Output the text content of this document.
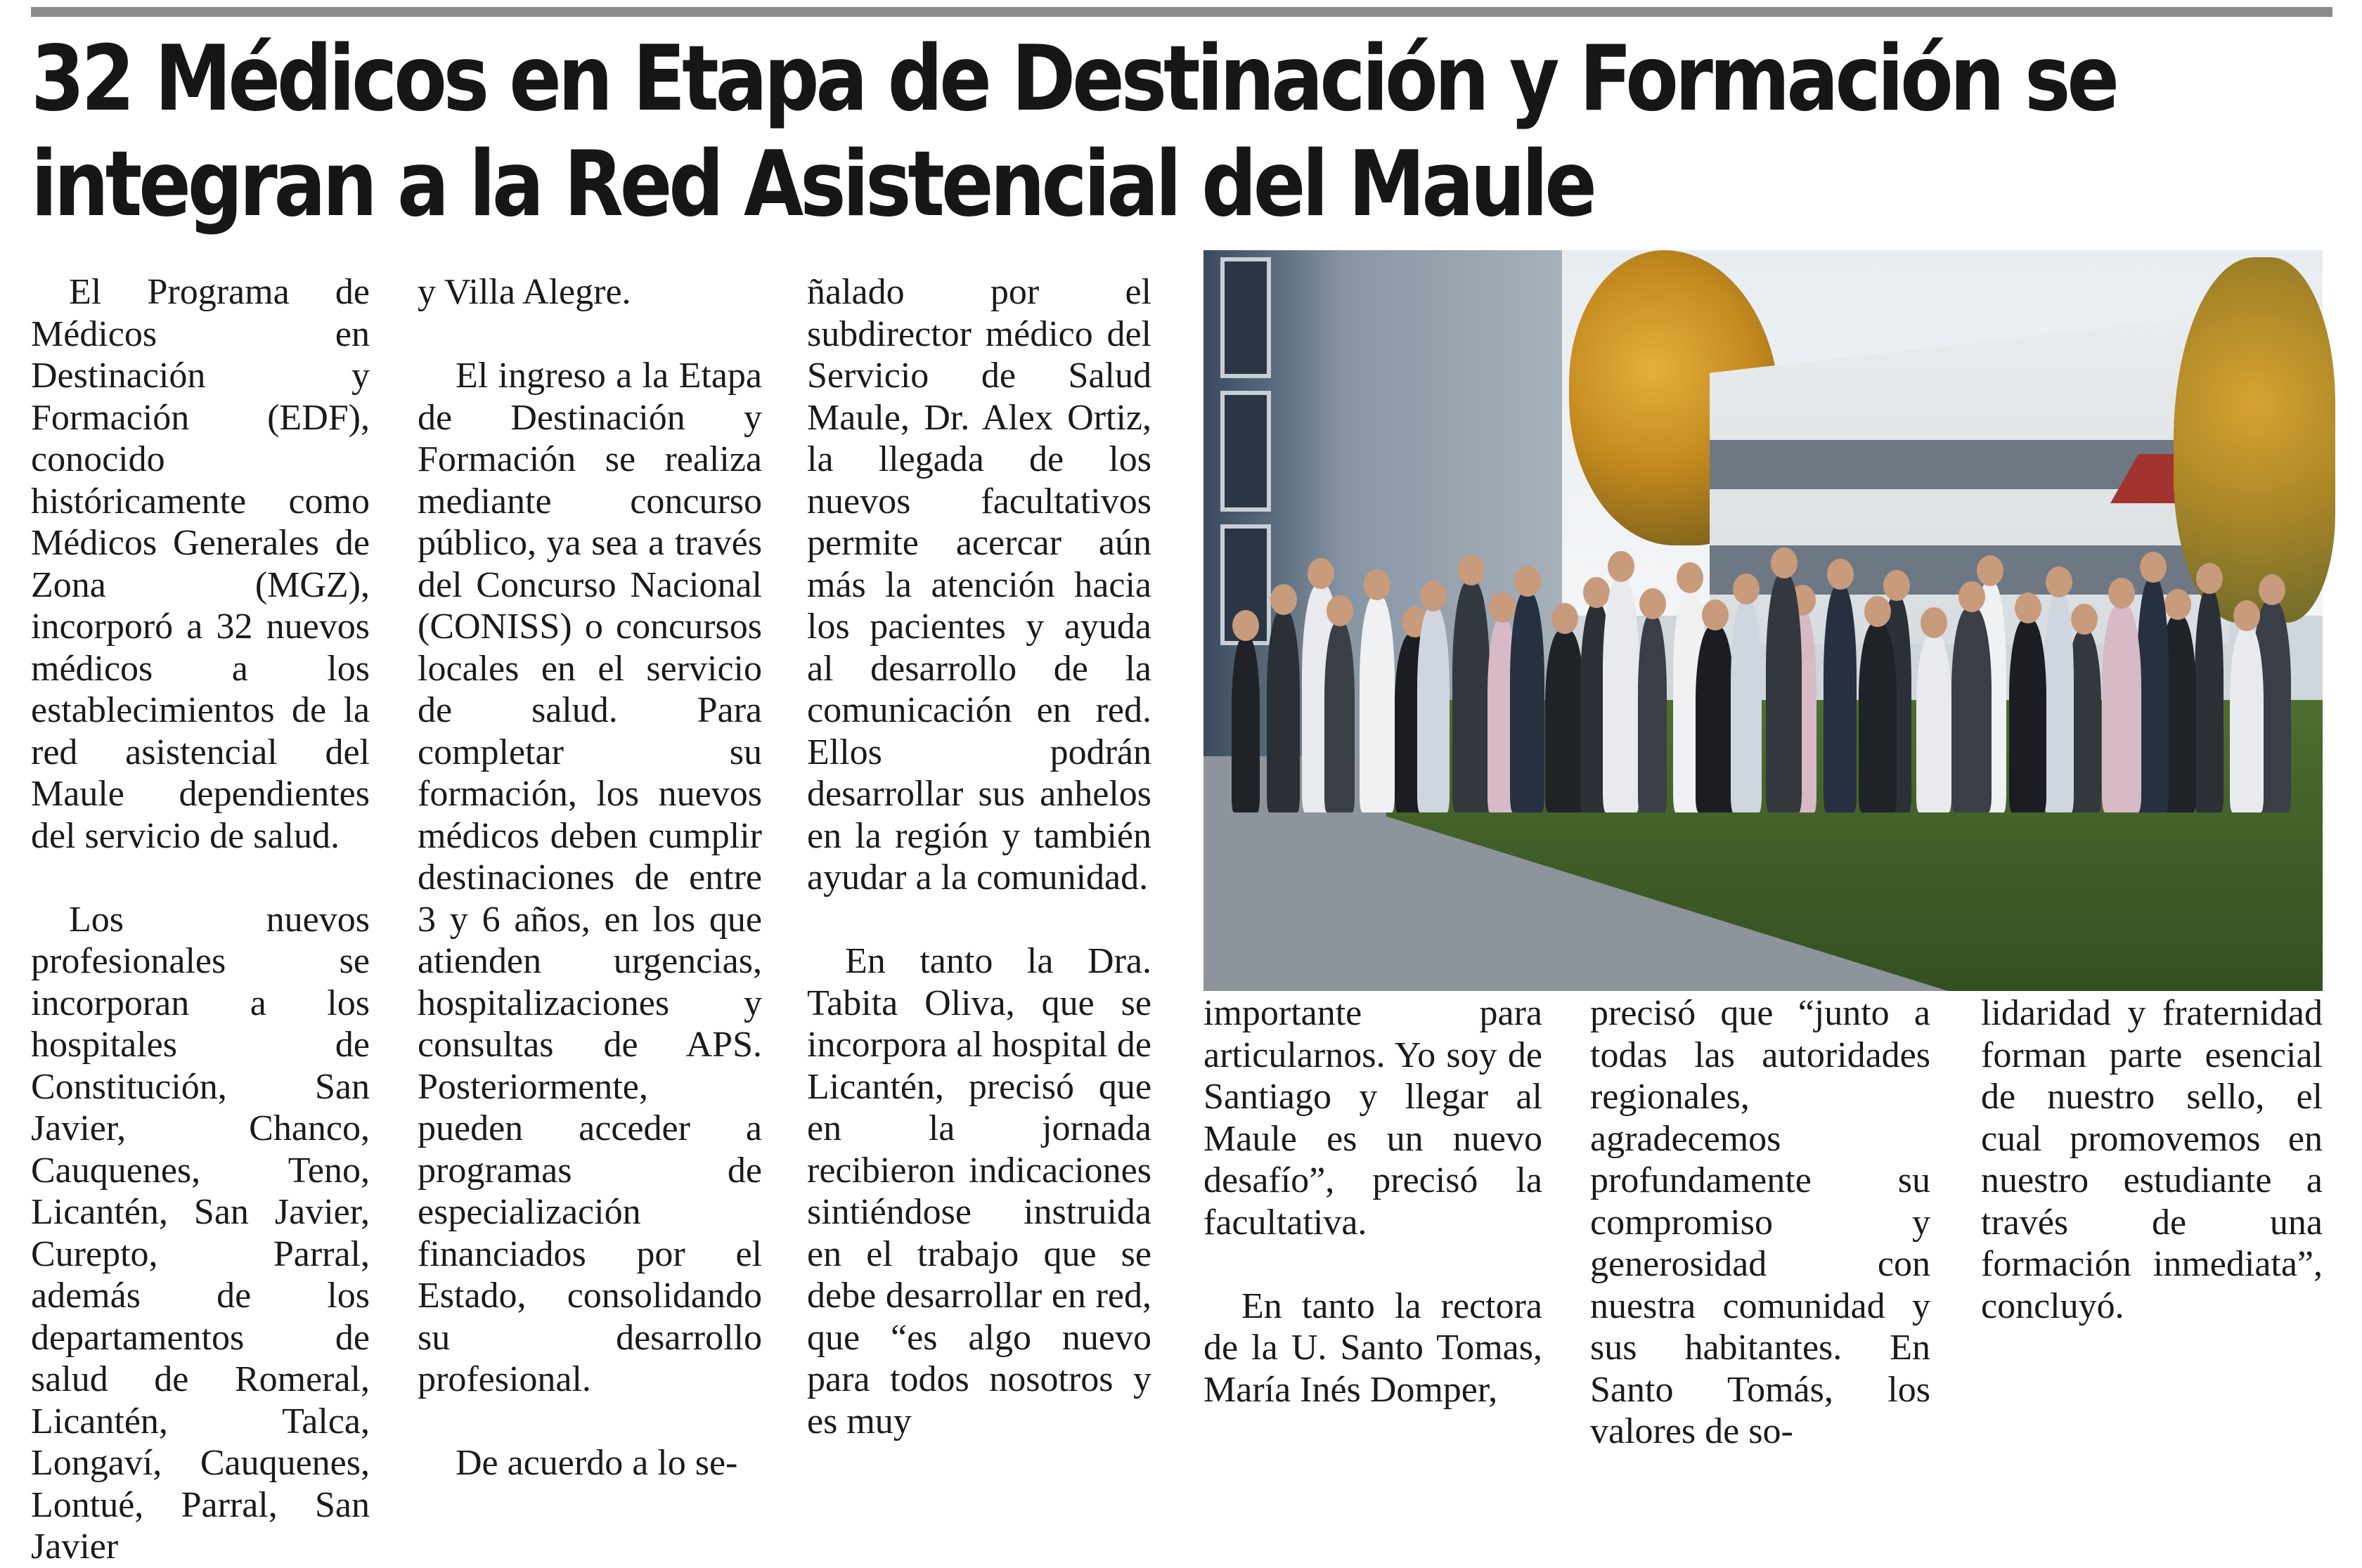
32 Médicos en Etapa de Destinación y Formación se
integran a la Red Asistencial del Maule

El Programa de Médicos en Destinación y Formación (EDF), conocido históricamente como Médicos Generales de Zona (MGZ), incorporó a 32 nuevos médicos a los establecimientos de la red asistencial del Maule dependientes del servicio de salud.

Los nuevos profesionales se incorporan a los hospitales de Constitución, San Javier, Chanco, Cauquenes, Teno, Licantén, San Javier, Curepto, Parral, además de los departamentos de salud de Romeral, Licantén, Talca, Longaví, Cauquenes, Lontué, Parral, San Javier

y Villa Alegre.

El ingreso a la Etapa de Destinación y Formación se realiza mediante concurso público, ya sea a través del Concurso Nacional (CONISS) o concursos locales en el servicio de salud. Para completar su formación, los nuevos médicos deben cumplir destinaciones de entre 3 y 6 años, en los que atienden urgencias, hospitalizaciones y consultas de APS. Posteriormente, pueden acceder a programas de especialización financiados por el Estado, consolidando su desarrollo profesional.

De acuerdo a lo se-

ñalado por el subdirector médico del Servicio de Salud Maule, Dr. Alex Ortiz, la llegada de los nuevos facultativos permite acercar aún más la atención hacia los pacientes y ayuda al desarrollo de la comunicación en red. Ellos podrán desarrollar sus anhelos en la región y también ayudar a la comunidad.

En tanto la Dra. Tabita Oliva, que se incorpora al hospital de Licantén, precisó que en la jornada recibieron indicaciones sintiéndose instruida en el trabajo que se debe desarrollar en red, que “es algo nuevo para todos nosotros y es muy

importante para articularnos. Yo soy de Santiago y llegar al Maule es un nuevo desafío”, precisó la facultativa.

En tanto la rectora de la U. Santo Tomas, María Inés Domper,

precisó que “junto a todas las autoridades regionales, agradecemos profundamente su compromiso y generosidad con nuestra comunidad y sus habitantes. En Santo Tomás, los valores de so-

lidaridad y fraternidad forman parte esencial de nuestro sello, el cual promovemos en nuestro estudiante a través de una formación inmediata”, concluyó.
